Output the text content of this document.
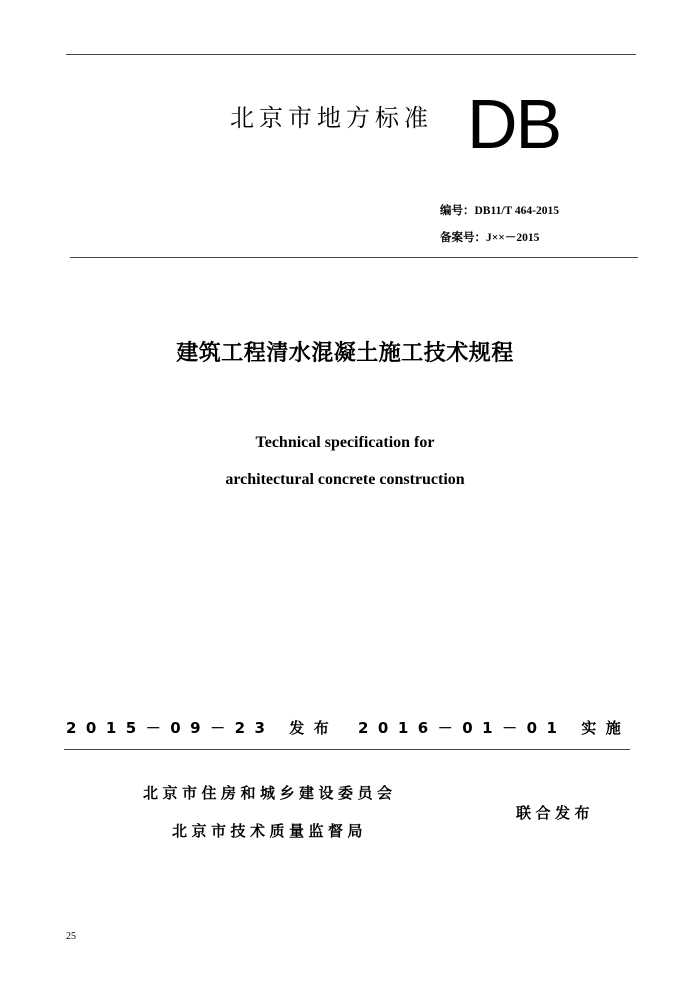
北京市地方标准 DB
编号：DB11/T 464-2015
备案号：J××－2015
建筑工程清水混凝土施工技术规程
Technical specification for
architectural concrete construction
2015－09－23 发布 2016－01－01 实施
北京市住房和城乡建设委员会
北京市技术质量监督局
联合发布
25
